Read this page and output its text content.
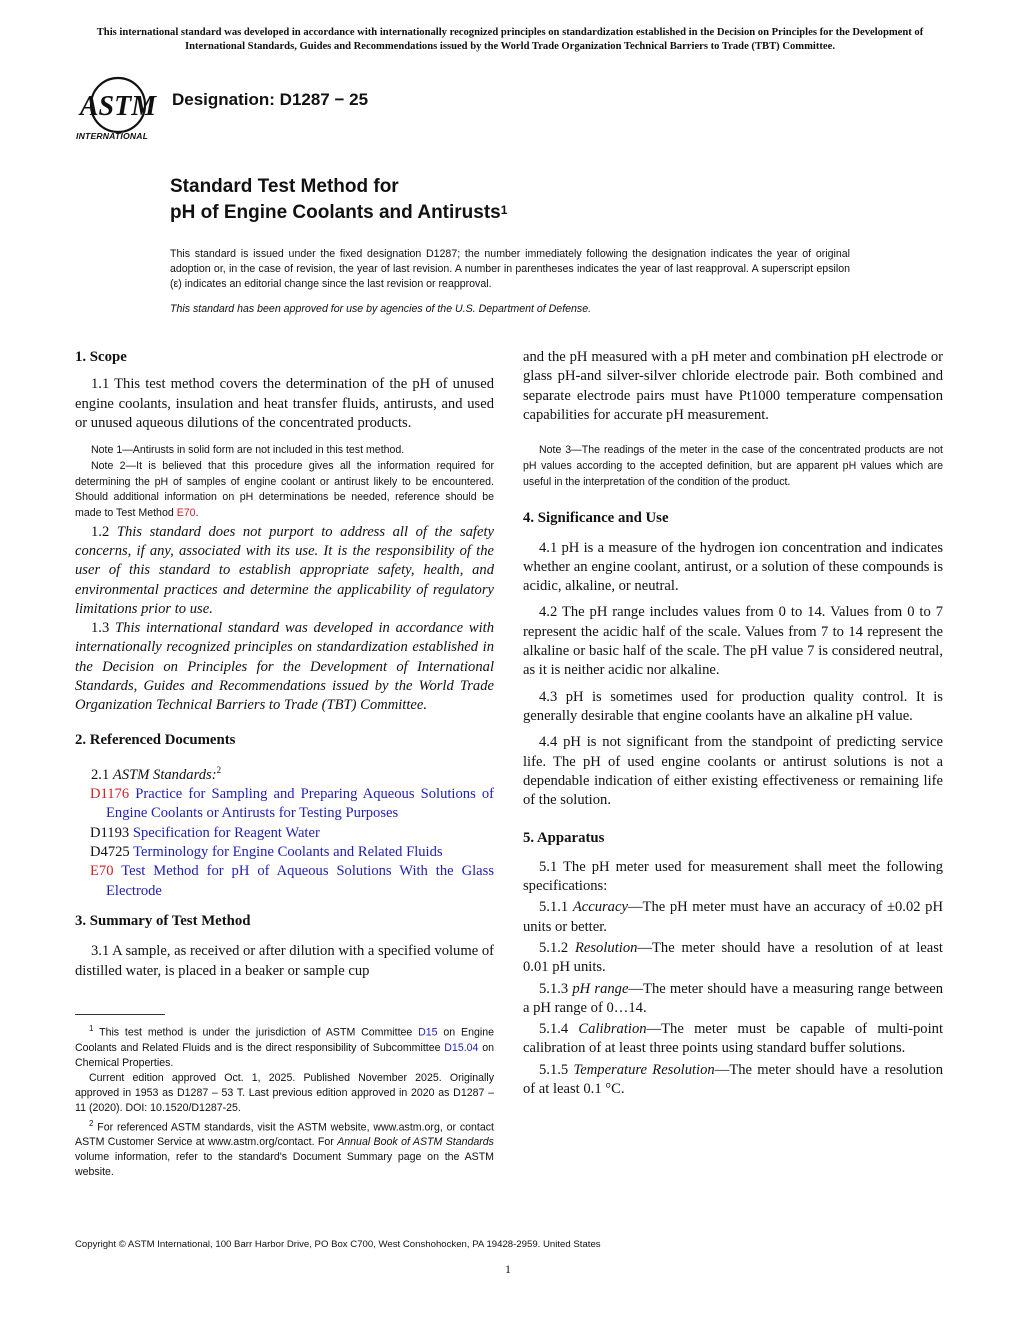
This international standard was developed in accordance with internationally recognized principles on standardization established in the Decision on Principles for the Development of International Standards, Guides and Recommendations issued by the World Trade Organization Technical Barriers to Trade (TBT) Committee.
ASTM
INTERNATIONAL
Designation: D1287 − 25
Standard Test Method for
pH of Engine Coolants and Antirusts$^1$
This standard is issued under the fixed designation D1287; the number immediately following the designation indicates the year of original adoption or, in the case of revision, the year of last revision. A number in parentheses indicates the year of last reapproval. A superscript epsilon (ε) indicates an editorial change since the last revision or reapproval.
This standard has been approved for use by agencies of the U.S. Department of Defense.

1. Scope

1.1 This test method covers the determination of the pH of unused engine coolants, insulation and heat transfer fluids, antirusts, and used or unused aqueous dilutions of the concentrated products.

Note 1—Antirusts in solid form are not included in this test method.

Note 2—It is believed that this procedure gives all the information required for determining the pH of samples of engine coolant or antirust likely to be encountered. Should additional information on pH determinations be needed, reference should be made to Test Method E70.

1.2 This standard does not purport to address all of the safety concerns, if any, associated with its use. It is the responsibility of the user of this standard to establish appropriate safety, health, and environmental practices and determine the applicability of regulatory limitations prior to use.

1.3 This international standard was developed in accordance with internationally recognized principles on standardization established in the Decision on Principles for the Development of International Standards, Guides and Recommendations issued by the World Trade Organization Technical Barriers to Trade (TBT) Committee.

2. Referenced Documents

2.1 ASTM Standards:$^2$

D1176 Practice for Sampling and Preparing Aqueous Solutions of Engine Coolants or Antirusts for Testing Purposes

D1193 Specification for Reagent Water

D4725 Terminology for Engine Coolants and Related Fluids

E70 Test Method for pH of Aqueous Solutions With the Glass Electrode

3. Summary of Test Method

3.1 A sample, as received or after dilution with a specified volume of distilled water, is placed in a beaker or sample cup

$^1$ This test method is under the jurisdiction of ASTM Committee D15 on Engine Coolants and Related Fluids and is the direct responsibility of Subcommittee D15.04 on Chemical Properties.

Current edition approved Oct. 1, 2025. Published November 2025. Originally approved in 1953 as D1287 – 53 T. Last previous edition approved in 2020 as D1287 – 11 (2020). DOI: 10.1520/D1287-25.

$^2$ For referenced ASTM standards, visit the ASTM website, www.astm.org, or contact ASTM Customer Service at www.astm.org/contact. For Annual Book of ASTM Standards volume information, refer to the standard's Document Summary page on the ASTM website.

and the pH measured with a pH meter and combination pH electrode or glass pH-and silver-silver chloride electrode pair. Both combined and separate electrode pairs must have Pt1000 temperature compensation capabilities for accurate pH measurement.

Note 3—The readings of the meter in the case of the concentrated products are not pH values according to the accepted definition, but are apparent pH values which are useful in the interpretation of the condition of the product.

4. Significance and Use

4.1 pH is a measure of the hydrogen ion concentration and indicates whether an engine coolant, antirust, or a solution of these compounds is acidic, alkaline, or neutral.

4.2 The pH range includes values from 0 to 14. Values from 0 to 7 represent the acidic half of the scale. Values from 7 to 14 represent the alkaline or basic half of the scale. The pH value 7 is considered neutral, as it is neither acidic nor alkaline.

4.3 pH is sometimes used for production quality control. It is generally desirable that engine coolants have an alkaline pH value.

4.4 pH is not significant from the standpoint of predicting service life. The pH of used engine coolants or antirust solutions is not a dependable indication of either existing effectiveness or remaining life of the solution.

5. Apparatus

5.1 The pH meter used for measurement shall meet the following specifications:

5.1.1 Accuracy—The pH meter must have an accuracy of ±0.02 pH units or better.

5.1.2 Resolution—The meter should have a resolution of at least 0.01 pH units.

5.1.3 pH range—The meter should have a measuring range between a pH range of 0…14.

5.1.4 Calibration—The meter must be capable of multi-point calibration of at least three points using standard buffer solutions.

5.1.5 Temperature Resolution—The meter should have a resolution of at least 0.1 °C.

Copyright © ASTM International, 100 Barr Harbor Drive, PO Box C700, West Conshohocken, PA 19428-2959. United States
1
